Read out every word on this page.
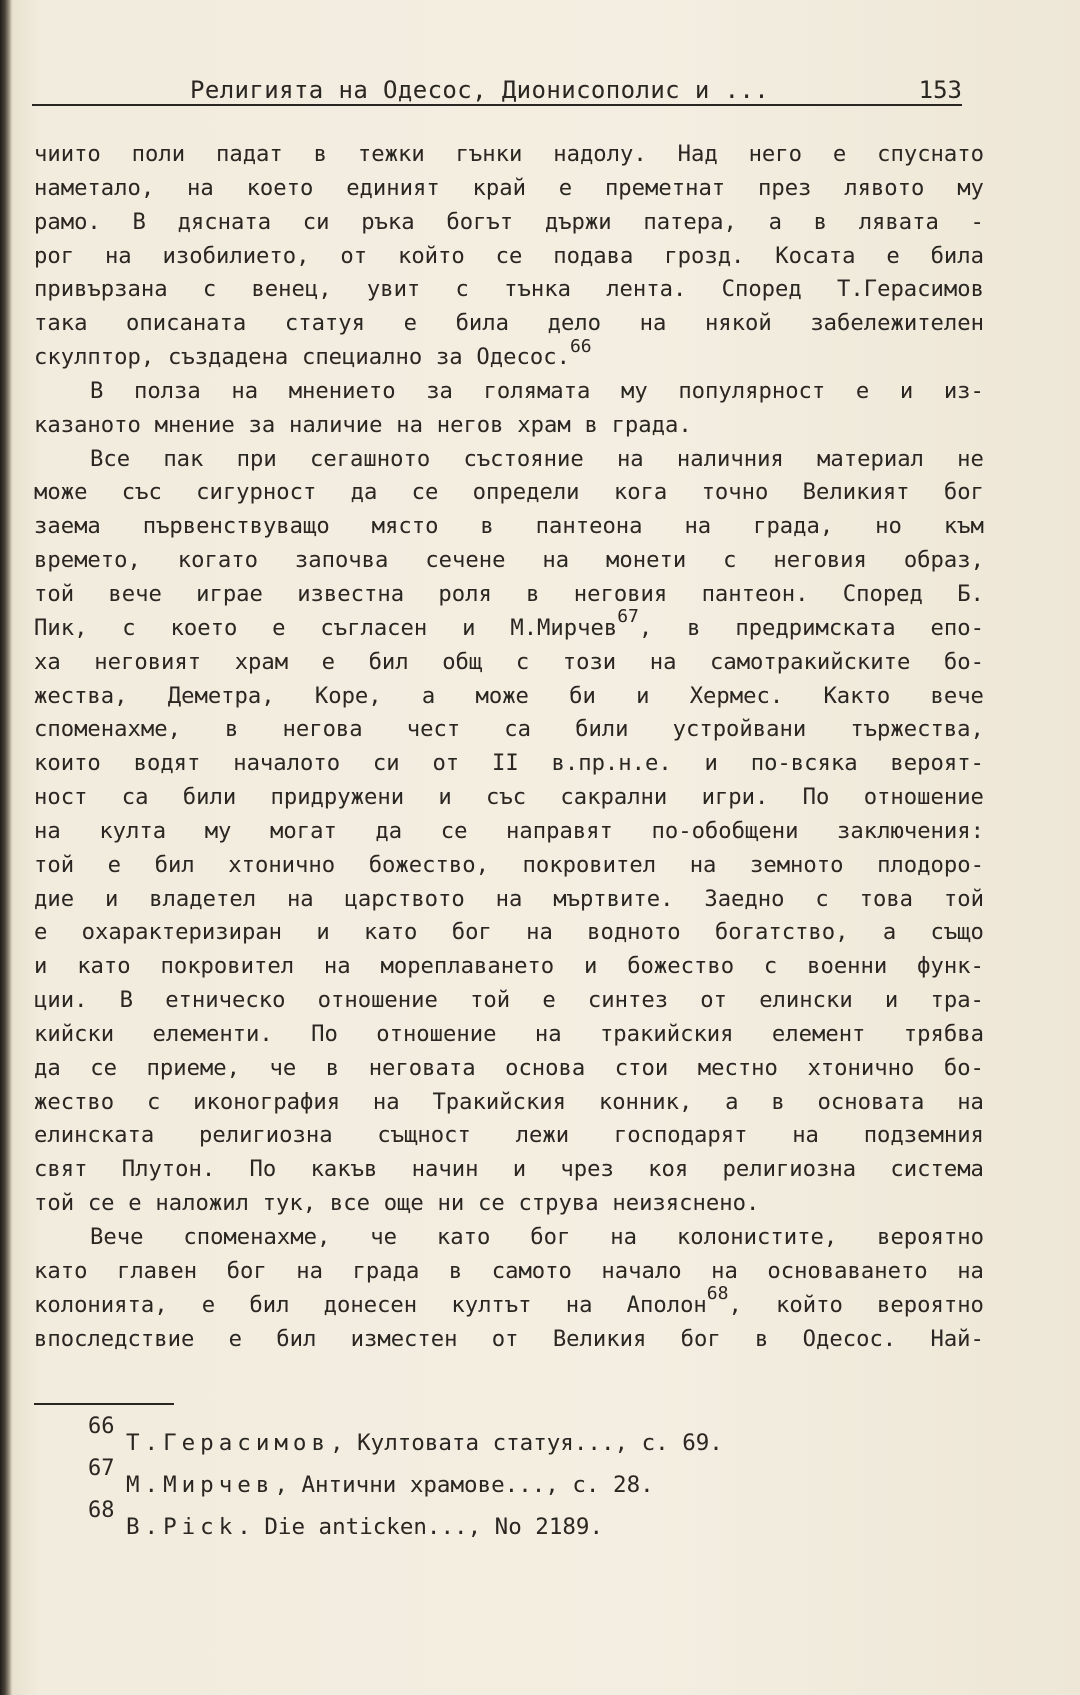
Религията на Одесос, Дионисополис и ...	153
чиито поли падат в тежки гънки надолу. Над него е спуснато
наметало, на което единият край е преметнат през лявото му
рамо. В дясната си ръка богът държи патера, а в лявата -
рог на изобилието, от който се подава грозд. Косата е била
привързана с венец, увит с тънка лента. Според Т.Герасимов
така описаната статуя е била дело на някой забележителен
скулптор, създадена специално за Одесос.$^{66}$
В полза на мнението за голямата му популярност е и из-
казаното мнение за наличие на негов храм в града.
Все пак при сегашното състояние на наличния материал не
може със сигурност да се определи кога точно Великият бог
заема първенствуващо място в пантеона на града, но към
времето, когато започва сечене на монети с неговия образ,
той вече играе известна роля в неговия пантеон. Според Б.
Пик, с което е съгласен и М.Мирчев$^{67}$, в предримската епо-
ха неговият храм е бил общ с този на самотракийските бо-
жества, Деметра, Коре, а може би и Хермес. Както вече
споменахме, в негова чест са били устройвани тържества,
които водят началото си от II в.пр.н.е. и по-всяка вероят-
ност са били придружени и със сакрални игри. По отношение
на култа му могат да се направят по-обобщени заключения:
той е бил хтонично божество, покровител на земното плодоро-
дие и владетел на царството на мъртвите. Заедно с това той
е охарактеризиран и като бог на водното богатство, а също
и като покровител на мореплаването и божество с военни функ-
ции. В етническо отношение той е синтез от елински и тра-
кийски елементи. По отношение на тракийския елемент трябва
да се приеме, че в неговата основа стои местно хтонично бо-
жество с иконография на Тракийския конник, а в основата на
елинската религиозна същност лежи господарят на подземния
свят Плутон. По какъв начин и чрез коя религиозна система
той се е наложил тук, все още ни се струва неизяснено.
Вече споменахме, че като бог на колонистите, вероятно
като главен бог на града в самото начало на основаването на
колонията, е бил донесен култът на Аполон$^{68}$, който вероятно
впоследствие е бил изместен от Великия бог в Одесос. Най-
66
Т.Герасимов, Култовата статуя..., с. 69.
67
М.Мирчев, Антични храмове..., с. 28.
68
B.Pick. Die anticken..., No 2189.
